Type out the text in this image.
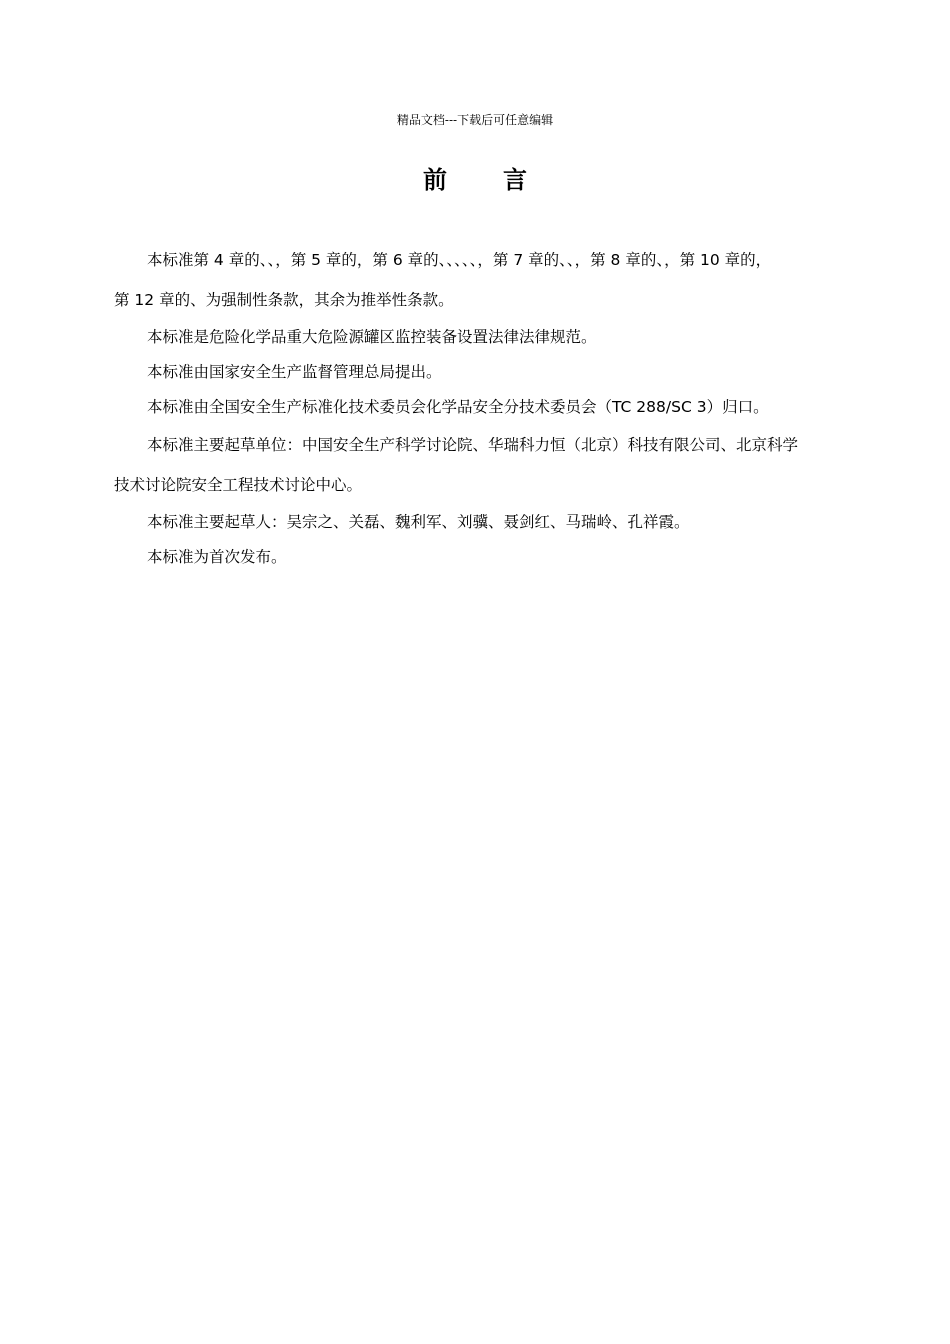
精品文档---下载后可任意编辑
前 言

本标准第 4 章的、、，第 5 章的，第 6 章的、、、、、，第 7 章的、、，第 8 章的、，第 10 章的，
第 12 章的、为强制性条款，其余为推举性条款。

本标准是危险化学品重大危险源罐区监控装备设置法律法律规范。

本标准由国家安全生产监督管理总局提出。

本标准由全国安全生产标准化技术委员会化学品安全分技术委员会（TC 288/SC 3）归口。

本标准主要起草单位：中国安全生产科学讨论院、华瑞科力恒（北京）科技有限公司、北京科学
技术讨论院安全工程技术讨论中心。

本标准主要起草人：吴宗之、关磊、魏利军、刘骥、聂剑红、马瑞岭、孔祥霞。

本标准为首次发布。
